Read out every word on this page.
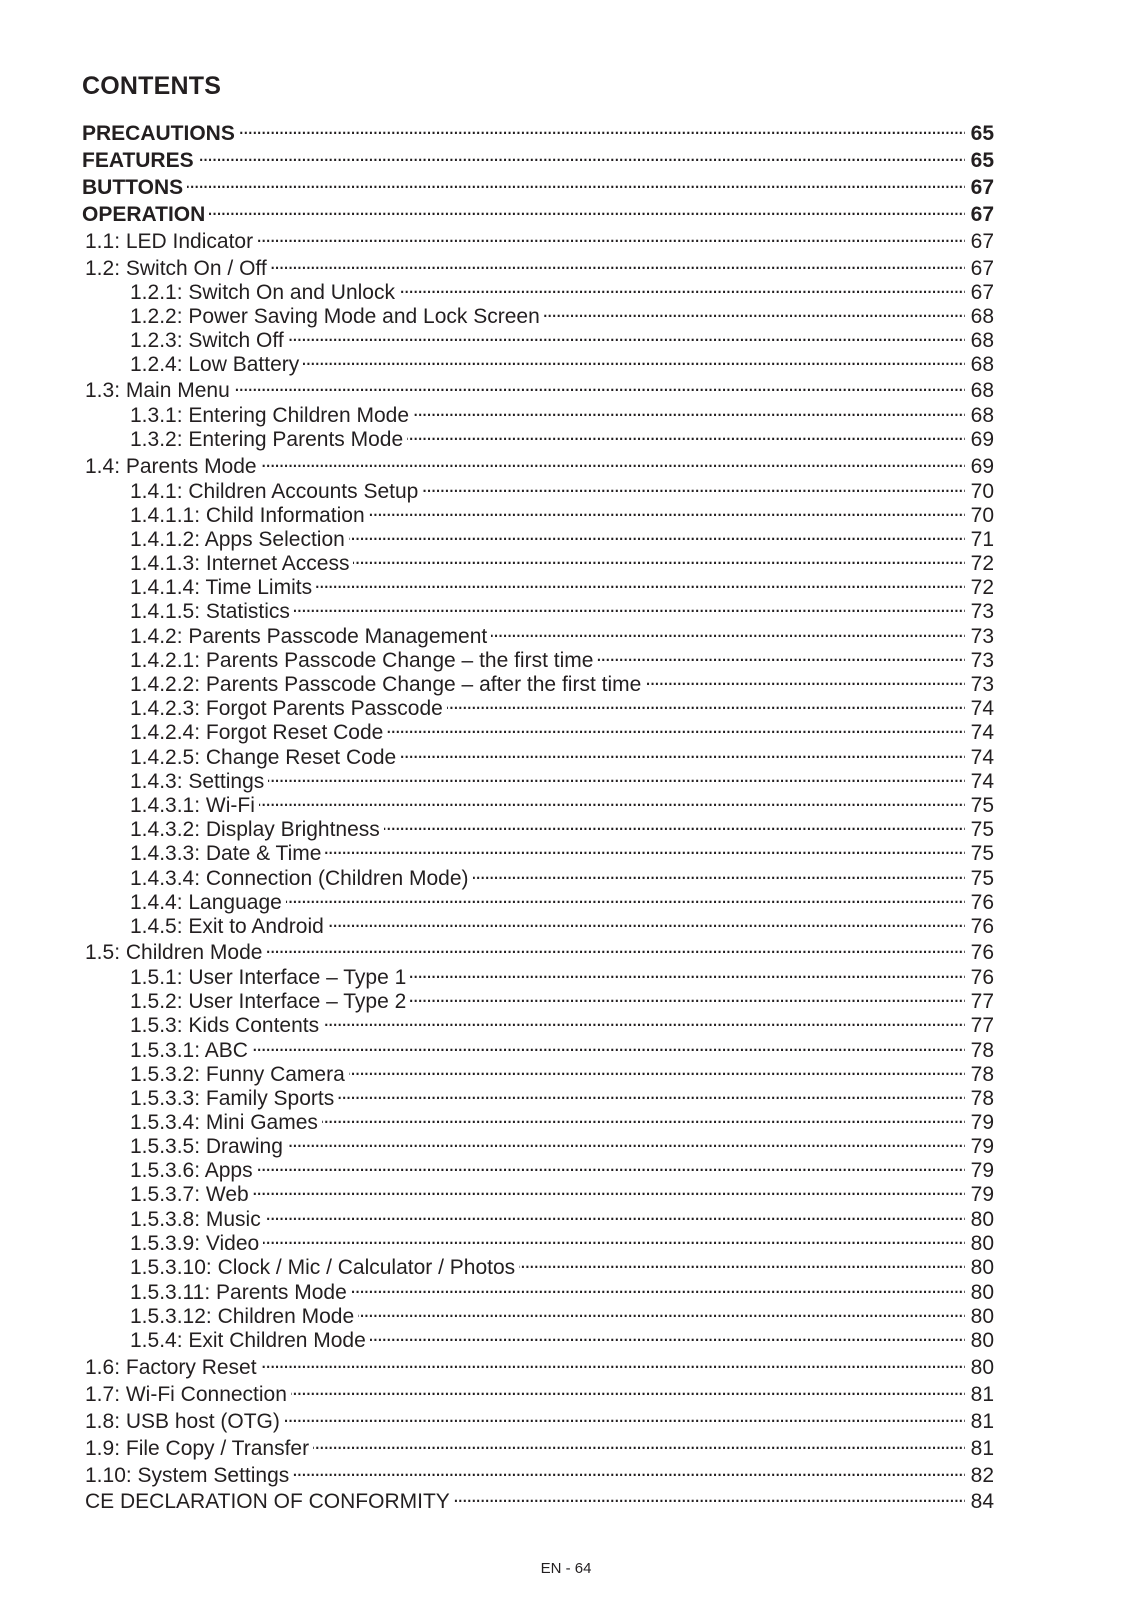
CONTENTS
PRECAUTIONS . . .	65
FEATURES . . .	65
BUTTONS . . .	67
OPERATION . . .	67
1.1: LED Indicator . . .	67
1.2: Switch On / Off . . .	67
1.2.1: Switch On and Unlock . . .	67
1.2.2: Power Saving Mode and Lock Screen . . .	68
1.2.3: Switch Off . . .	68
1.2.4: Low Battery . . .	68
1.3: Main Menu . . .	68
1.3.1: Entering Children Mode . . .	68
1.3.2: Entering Parents Mode . . .	69
1.4: Parents Mode . . .	69
1.4.1: Children Accounts Setup . . .	70
1.4.1.1: Child Information . . .	70
1.4.1.2: Apps Selection . . .	71
1.4.1.3: Internet Access . . .	72
1.4.1.4: Time Limits . . .	72
1.4.1.5: Statistics . . .	73
1.4.2: Parents Passcode Management . . .	73
1.4.2.1: Parents Passcode Change – the first time . . .	73
1.4.2.2: Parents Passcode Change – after the first time . . .	73
1.4.2.3: Forgot Parents Passcode . . .	74
1.4.2.4: Forgot Reset Code . . .	74
1.4.2.5: Change Reset Code . . .	74
1.4.3: Settings . . .	74
1.4.3.1: Wi-Fi . . .	75
1.4.3.2: Display Brightness . . .	75
1.4.3.3: Date & Time . . .	75
1.4.3.4: Connection (Children Mode) . . .	75
1.4.4: Language . . .	76
1.4.5: Exit to Android . . .	76
1.5: Children Mode . . .	76
1.5.1: User Interface – Type 1 . . .	76
1.5.2: User Interface – Type 2 . . .	77
1.5.3: Kids Contents . . .	77
1.5.3.1: ABC . . .	78
1.5.3.2: Funny Camera . . .	78
1.5.3.3: Family Sports . . .	78
1.5.3.4: Mini Games . . .	79
1.5.3.5: Drawing . . .	79
1.5.3.6: Apps . . .	79
1.5.3.7: Web . . .	79
1.5.3.8: Music . . .	80
1.5.3.9: Video . . .	80
1.5.3.10: Clock / Mic / Calculator / Photos . . .	80
1.5.3.11: Parents Mode . . .	80
1.5.3.12: Children Mode . . .	80
1.5.4: Exit Children Mode . . .	80
1.6: Factory Reset . . .	80
1.7: Wi-Fi Connection . . .	81
1.8: USB host (OTG) . . .	81
1.9: File Copy / Transfer . . .	81
1.10: System Settings . . .	82
CE DECLARATION OF CONFORMITY . . .	84
EN - 64
